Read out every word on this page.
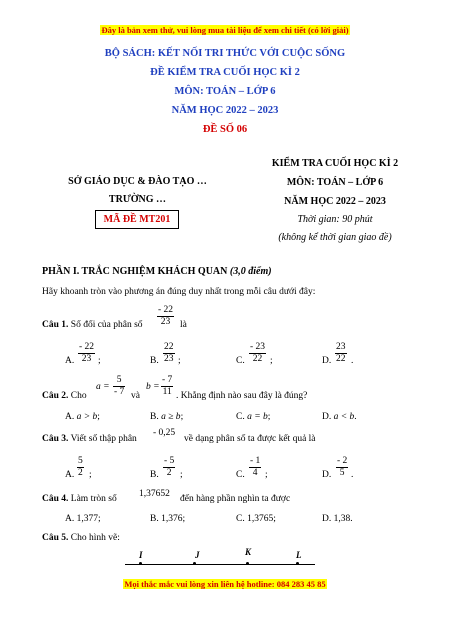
Đây là bản xem thử, vui lòng mua tài liệu để xem chi tiết (có lời giải)
BỘ SÁCH: KẾT NỐI TRI THỨC VỚI CUỘC SỐNG
ĐỀ KIỂM TRA CUỐI HỌC KÌ 2
MÔN: TOÁN – LỚP 6
NĂM HỌC 2022 – 2023
ĐỀ SỐ 06
SỞ GIÁO DỤC & ĐÀO TẠO …
TRƯỜNG …
MÃ ĐỀ MT201
KIỂM TRA CUỐI HỌC KÌ 2
MÔN: TOÁN – LỚP 6
NĂM HỌC 2022 – 2023
Thời gian: 90 phút
(không kể thời gian giao đề)
PHẦN I. TRẮC NGHIỆM KHÁCH QUAN (3,0 điểm)
Hãy khoanh tròn vào phương án đúng duy nhất trong mỗi câu dưới đây:
Câu 1. Số đối của phân số $\frac{- 22}{23}$ là
A. $\frac{- 22}{23}$ ;	B. $\frac{22}{23}$ ;	C. $\frac{- 23}{22}$ ;	D. $\frac{23}{22}$ .
Câu 2. Cho
$a = \frac{5}{- 7}$ và
$b = \frac{- 7}{11}$ . Khẳng định nào sau đây là đúng?
A. a > b;	B. a ≥ b;	C. a = b;	D. a < b.
Câu 3. Viết số thập phân
- 0,25
về dạng phân số ta được kết quả là
A. $\frac{5}{2}$ ;	B. $\frac{- 5}{2}$ ;	C. $\frac{- 1}{4}$ ;	D. $\frac{- 2}{5}$ .
Câu 4. Làm tròn số 1,37652 đến hàng phần nghìn ta được
A. 1,377;	B. 1,376;	C. 1,3765;	D. 1,38.
Câu 5. Cho hình vẽ:
I	J	K	L
Mọi thắc mắc vui lòng xin liên hệ hotline: 084 283 45 85
